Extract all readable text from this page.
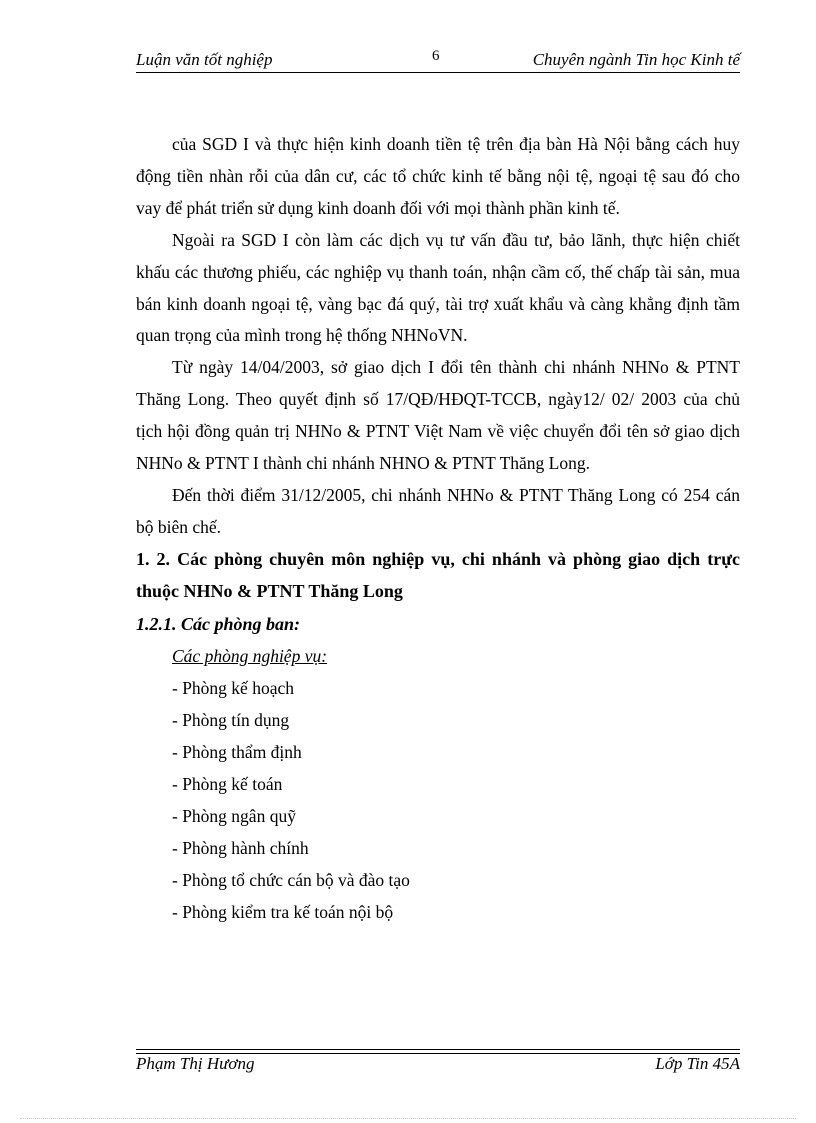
Luận văn tốt nghiệp	6	Chuyên ngành Tin học Kinh tế

của SGD I và thực hiện kinh doanh tiền tệ trên địa bàn Hà Nội bằng cách huy động tiền nhàn rỗi của dân cư, các tổ chức kinh tế bằng nội tệ, ngoại tệ sau đó cho vay để phát triển sử dụng kinh doanh đối với mọi thành phần kinh tế.

Ngoài ra SGD I còn làm các dịch vụ tư vấn đầu tư, bảo lãnh, thực hiện chiết khấu các thương phiếu, các nghiệp vụ thanh toán, nhận cầm cố, thế chấp tài sản, mua bán kinh doanh ngoại tệ, vàng bạc đá quý, tài trợ xuất khẩu và càng khẳng định tầm quan trọng của mình trong hệ thống NHNoVN.

Từ ngày 14/04/2003, sở giao dịch I đổi tên thành chi nhánh NHNo & PTNT Thăng Long. Theo quyết định số 17/QĐ/HĐQT-TCCB, ngày12/ 02/ 2003 của chủ tịch hội đồng quản trị NHNo & PTNT Việt Nam về việc chuyển đổi tên sở giao dịch NHNo & PTNT I thành chi nhánh NHNO & PTNT Thăng Long.

Đến thời điểm 31/12/2005, chi nhánh NHNo & PTNT Thăng Long có 254 cán bộ biên chế.

1. 2. Các phòng chuyên môn nghiệp vụ, chi nhánh và phòng giao dịch trực thuộc NHNo & PTNT Thăng Long

1.2.1. Các phòng ban:

Các phòng nghiệp vụ:

- Phòng kế hoạch
- Phòng tín dụng
- Phòng thẩm định
- Phòng kế toán
- Phòng ngân quỹ
- Phòng hành chính
- Phòng tổ chức cán bộ và đào tạo
- Phòng kiểm tra kế toán nội bộ
Phạm Thị Hương	Lớp Tin 45A
